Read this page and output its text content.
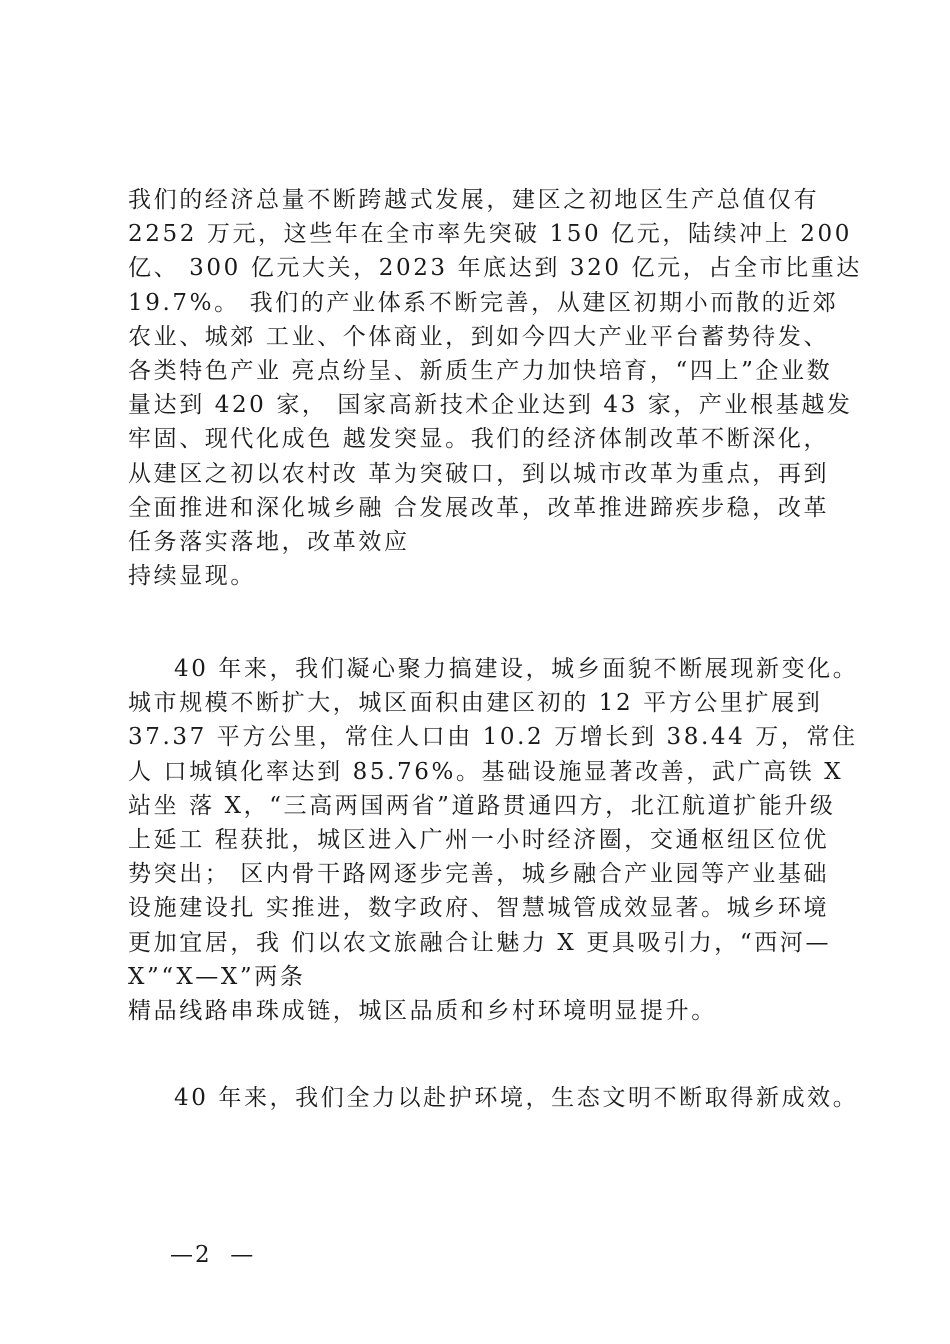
我们的经济总量不断跨越式发展，建区之初地区生产总值仅有
2252 万元，这些年在全市率先突破 150 亿元，陆续冲上 200
亿、 300 亿元大关，2023 年底达到 320 亿元，占全市比重达
19.7%。 我们的产业体系不断完善，从建区初期小而散的近郊
农业、城郊 工业、个体商业，到如今四大产业平台蓄势待发、
各类特色产业 亮点纷呈、新质生产力加快培育，“四上”企业数
量达到 420 家， 国家高新技术企业达到 43 家，产业根基越发
牢固、现代化成色 越发突显。我们的经济体制改革不断深化，
从建区之初以农村改 革为突破口，到以城市改革为重点，再到
全面推进和深化城乡融 合发展改革，改革推进蹄疾步稳，改革
任务落实落地，改革效应
持续显现。
40 年来，我们凝心聚力搞建设，城乡面貌不断展现新变化。
城市规模不断扩大，城区面积由建区初的 12 平方公里扩展到
37.37 平方公里，常住人口由 10.2 万增长到 38.44 万，常住
人 口城镇化率达到 85.76%。基础设施显著改善，武广高铁 X
站坐 落 X，“三高两国两省”道路贯通四方，北江航道扩能升级
上延工 程获批，城区进入广州一小时经济圈，交通枢纽区位优
势突出； 区内骨干路网逐步完善，城乡融合产业园等产业基础
设施建设扎 实推进，数字政府、智慧城管成效显著。城乡环境
更加宜居，我 们以农文旅融合让魅力 X 更具吸引力，“西河—
X”“X—X”两条
精品线路串珠成链，城区品质和乡村环境明显提升。
40 年来，我们全力以赴护环境，生态文明不断取得新成效。
—2  —
